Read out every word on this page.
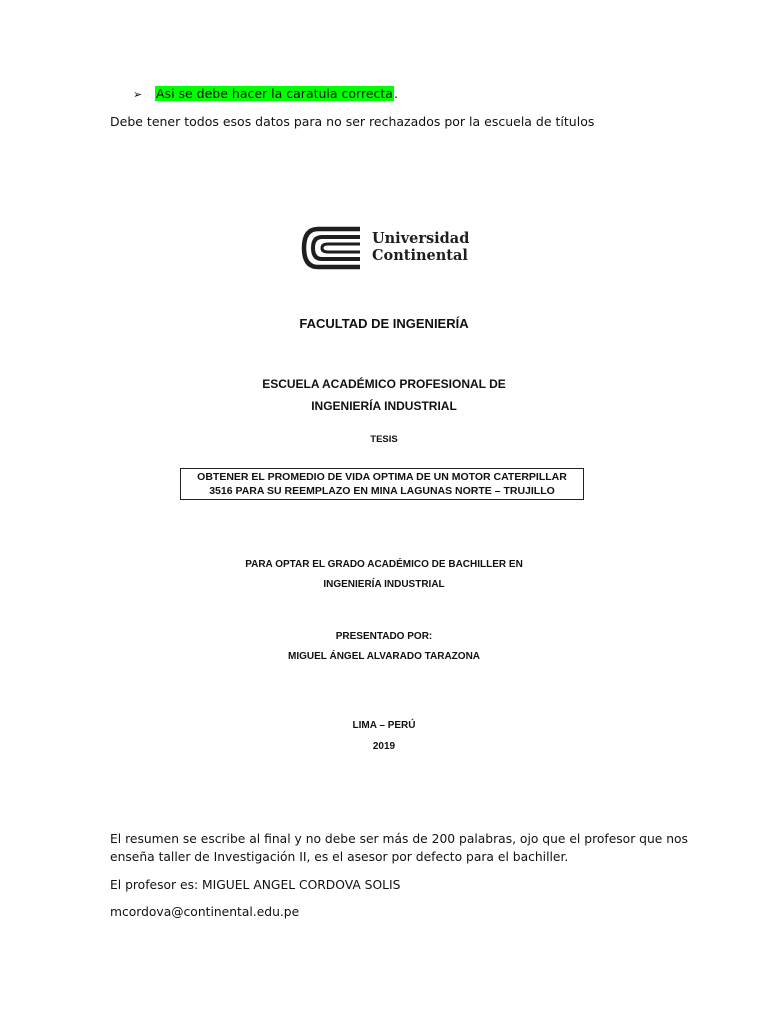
➢ Asi se debe hacer la caratula correcta.
Debe tener todos esos datos para no ser rechazados por la escuela de títulos
Universidad
Continental
FACULTAD DE INGENIERÍA
ESCUELA ACADÉMICO PROFESIONAL DE
INGENIERÍA INDUSTRIAL
TESIS
OBTENER EL PROMEDIO DE VIDA OPTIMA DE UN MOTOR CATERPILLAR
3516 PARA SU REEMPLAZO EN MINA LAGUNAS NORTE – TRUJILLO
PARA OPTAR EL GRADO ACADÉMICO DE BACHILLER EN
INGENIERÍA INDUSTRIAL
PRESENTADO POR:
MIGUEL ÁNGEL ALVARADO TARAZONA
LIMA – PERÚ
2019
El resumen se escribe al final y no debe ser más de 200 palabras, ojo que el profesor que nos
enseña taller de Investigación II, es el asesor por defecto para el bachiller.
El profesor es: MIGUEL ANGEL CORDOVA SOLIS
mcordova@continental.edu.pe
